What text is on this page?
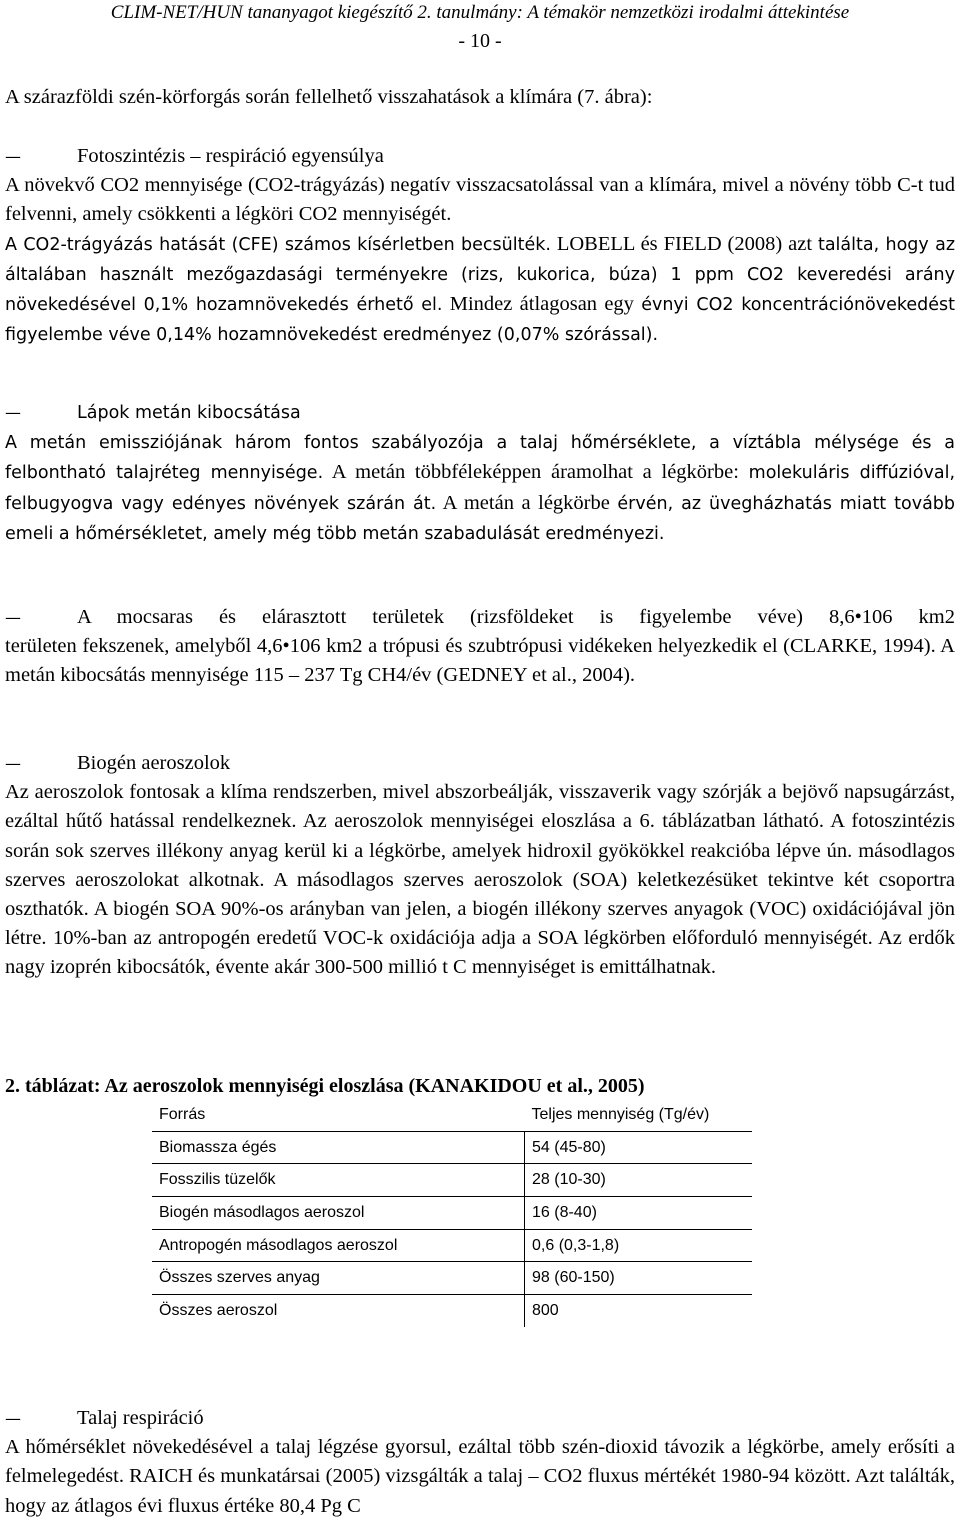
CLIM-NET/HUN tananyagot kiegészítő 2. tanulmány: A témakör nemzetközi irodalmi áttekintése
- 10 -
A szárazföldi szén-körforgás során fellelhető visszahatások a klímára (7. ábra):
—
Fotoszintézis – respiráció egyensúlya
A növekvő CO2 mennyisége (CO2-trágyázás) negatív visszacsatolással van a klímára, mivel a növény több C-t tud felvenni, amely csökkenti a légköri CO2 mennyiségét.
A CO2-trágyázás hatását (CFE) számos kísérletben becsülték. LOBELL és FIELD (2008) azt találta, hogy az általában használt mezőgazdasági terményekre (rizs, kukorica, búza) 1 ppm CO2 keveredési arány növekedésével 0,1% hozamnövekedés érhető el. Mindez átlagosan egy évnyi CO2 koncentrációnövekedést figyelembe véve 0,14% hozamnövekedést eredményez (0,07% szórással).
—
Lápok metán kibocsátása
A metán emissziójának három fontos szabályozója a talaj hőmérséklete, a víztábla mélysége és a felbontható talajréteg mennyisége. A metán többféleképpen áramolhat a légkörbe: molekuláris diffúzióval, felbugyogva vagy edényes növények szárán át. A metán a légkörbe érvén, az üvegházhatás miatt tovább emeli a hőmérsékletet, amely még több metán szabadulását eredményezi.
—
A mocsaras és elárasztott területek (rizsföldeket is figyelembe véve) 8,6•106 km2
területen fekszenek, amelyből 4,6•106 km2 a trópusi és szubtrópusi vidékeken helyezkedik el (CLARKE, 1994). A metán kibocsátás mennyisége 115 – 237 Tg CH4/év (GEDNEY et al., 2004).
—
Biogén aeroszolok
Az aeroszolok fontosak a klíma rendszerben, mivel abszorbeálják, visszaverik vagy szórják a bejövő napsugárzást, ezáltal hűtő hatással rendelkeznek. Az aeroszolok mennyiségei eloszlása a 6. táblázatban látható. A fotoszintézis során sok szerves illékony anyag kerül ki a légkörbe, amelyek hidroxil gyökökkel reakcióba lépve ún. másodlagos szerves aeroszolokat alkotnak. A másodlagos szerves aeroszolok (SOA) keletkezésüket tekintve két csoportra oszthatók. A biogén SOA 90%-os arányban van jelen, a biogén illékony szerves anyagok (VOC) oxidációjával jön létre. 10%-ban az antropogén eredetű VOC-k oxidációja adja a SOA légkörben előforduló mennyiségét. Az erdők nagy izoprén kibocsátók, évente akár 300-500 millió t C mennyiséget is emittálhatnak.
2. táblázat: Az aeroszolok mennyiségi eloszlása (KANAKIDOU et al., 2005)
Forrás	Teljes mennyiség (Tg/év)
Biomassza égés	54 (45-80)
Fosszilis tüzelők	28 (10-30)
Biogén másodlagos aeroszol	16 (8-40)
Antropogén másodlagos aeroszol	0,6 (0,3-1,8)
Összes szerves anyag	98 (60-150)
Összes aeroszol	800
—
Talaj respiráció
A hőmérséklet növekedésével a talaj légzése gyorsul, ezáltal több szén-dioxid távozik a légkörbe, amely erősíti a felmelegedést. RAICH és munkatársai (2005) vizsgálták a talaj – CO2 fluxus mértékét 1980-94 között. Azt találták, hogy az átlagos évi fluxus értéke 80,4 Pg C
